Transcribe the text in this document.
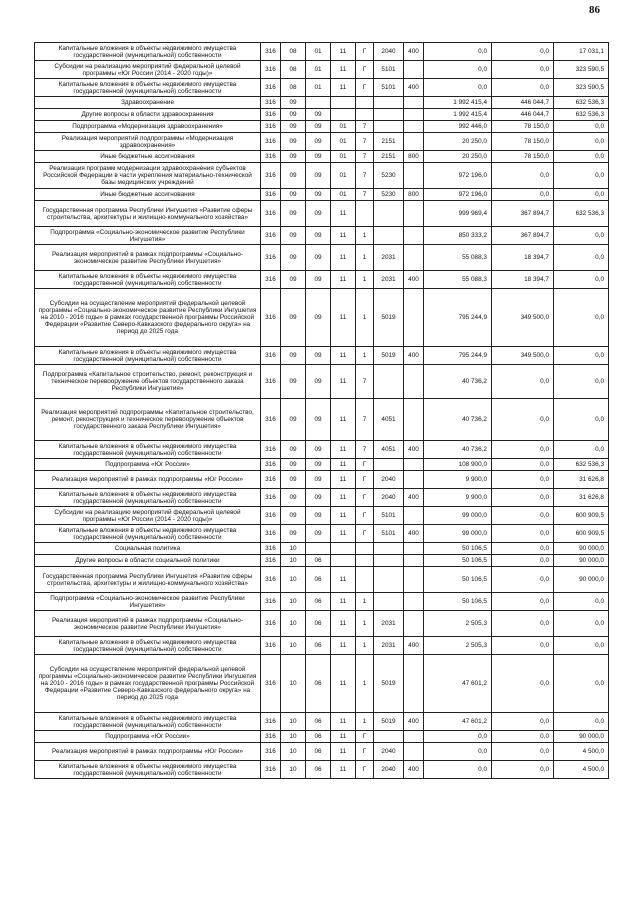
86
Капитальные вложения в объекты недвижимого имущества государственной (муниципальной) собственности	316	08	01	11	Г	2040	400	0,0	0,0	17 031,1
Субсидии на реализацию мероприятий федеральной целевой программы «Юг России (2014 - 2020 годы)»	316	08	01	11	Г	5101		0,0	0,0	323 590,5
Капитальные вложения в объекты недвижимого имущества государственной (муниципальной) собственности	316	08	01	11	Г	5101	400	0,0	0,0	323 590,5
Здравоохранение	316	09						1 992 415,4	446 044,7	632 536,3
Другие вопросы в области здравоохранения	316	09	09					1 992 415,4	446 044,7	632 536,3
Подпрограмма «Модернизация здравоохранения»	316	09	09	01	7			992 446,0	78 150,0	0,0
Реализация мероприятий подпрограммы «Модернизация здравоохранения»	316	09	09	01	7	2151		20 250,0	78 150,0	0,0
Иные бюджетные ассигнования	316	09	09	01	7	2151	800	20 250,0	78 150,0	0,0
Реализация программ модернизации здравоохранения субъектов Российской Федерации в части укрепления материально-технической базы медицинских учреждений	316	09	09	01	7	5230		972 196,0	0,0	0,0
Иные бюджетные ассигнования	316	09	09	01	7	5230	800	972 196,0	0,0	0,0
Государственная программа Республики Ингушетия «Развитие сферы строительства, архитектуры и жилищно-коммунального хозяйства»	316	09	09	11				999 969,4	367 894,7	632 536,3
Подпрограмма «Социально-экономическое развитие Республики Ингушетия»	316	09	09	11	1			850 333,2	367 894,7	0,0
Реализация мероприятий в рамках подпрограммы «Социально-экономическое развитие Республики Ингушетия»	316	09	09	11	1	2031		55 088,3	18 394,7	0,0
Капитальные вложения в объекты недвижимого имущества государственной (муниципальной) собственности	316	09	09	11	1	2031	400	55 088,3	18 394,7	0,0
Субсидии на осуществление мероприятий федеральной целевой программы «Социально-экономическое развитие Республики Ингушетия на 2010 - 2016 годы» в рамках государственной программы Российской Федерации «Развитие Северо-Кавказского федерального округа» на период до 2025 года	316	09	09	11	1	5019		795 244,9	349 500,0	0,0
Капитальные вложения в объекты недвижимого имущества государственной (муниципальной) собственности	316	09	09	11	1	5019	400	795 244,9	349 500,0	0,0
Подпрограмма «Капитальное строительство, ремонт, реконструкция и техническое перевооружение объектов государственного заказа Республики Ингушетия»	316	09	09	11	7			40 736,2	0,0	0,0
Реализация мероприятий подпрограммы «Капитальное строительство, ремонт, реконструкция и техническое перевооружение объектов государственного заказа Республики Ингушетия»	316	09	09	11	7	4051		40 736,2	0,0	0,0
Капитальные вложения в объекты недвижимого имущества государственной (муниципальной) собственности	316	09	09	11	7	4051	400	40 736,2	0,0	0,0
Подпрограмма «Юг России»	316	09	09	11	Г			108 900,0	0,0	632 536,3
Реализация мероприятий в рамках подпрограммы «Юг России»	316	09	09	11	Г	2040		9 900,0	0,0	31 626,8
Капитальные вложения в объекты недвижимого имущества государственной (муниципальной) собственности	316	09	09	11	Г	2040	400	9 900,0	0,0	31 626,8
Субсидии на реализацию мероприятий федеральной целевой программы «Юг России (2014 - 2020 годы)»	316	09	09	11	Г	5101		99 000,0	0,0	600 909,5
Капитальные вложения в объекты недвижимого имущества государственной (муниципальной) собственности	316	09	09	11	Г	5101	400	99 000,0	0,0	600 909,5
Социальная политика	316	10						50 106,5	0,0	90 000,0
Другие вопросы в области социальной политики	316	10	06					50 106,5	0,0	90 000,0
Государственная программа Республики Ингушетия «Развитие сферы строительства, архитектуры и жилищно-коммунального хозяйства»	316	10	06	11				50 106,5	0,0	90 000,0
Подпрограмма «Социально-экономическое развитие Республики Ингушетия»	316	10	06	11	1			50 106,5	0,0	0,0
Реализация мероприятий в рамках подпрограммы «Социально-экономическое развитие Республики Ингушетия»	316	10	06	11	1	2031		2 505,3	0,0	0,0
Капитальные вложения в объекты недвижимого имущества государственной (муниципальной) собственности	316	10	06	11	1	2031	400	2 505,3	0,0	0,0
Субсидии на осуществление мероприятий федеральной целевой программы «Социально-экономическое развитие Республики Ингушетия на 2010 - 2016 годы» в рамках государственной программы Российской Федерации «Развитие Северо-Кавказского федерального округа» на период до 2025 года	316	10	06	11	1	5019		47 601,2	0,0	0,0
Капитальные вложения в объекты недвижимого имущества государственной (муниципальной) собственности	316	10	06	11	1	5019	400	47 601,2	0,0	0,0
Подпрограмма «Юг России»	316	10	06	11	Г			0,0	0,0	90 000,0
Реализация мероприятий в рамках подпрограммы «Юг России»	316	10	06	11	Г	2040		0,0	0,0	4 500,0
Капитальные вложения в объекты недвижимого имущества государственной (муниципальной) собственности	316	10	06	11	Г	2040	400	0,0	0,0	4 500,0
